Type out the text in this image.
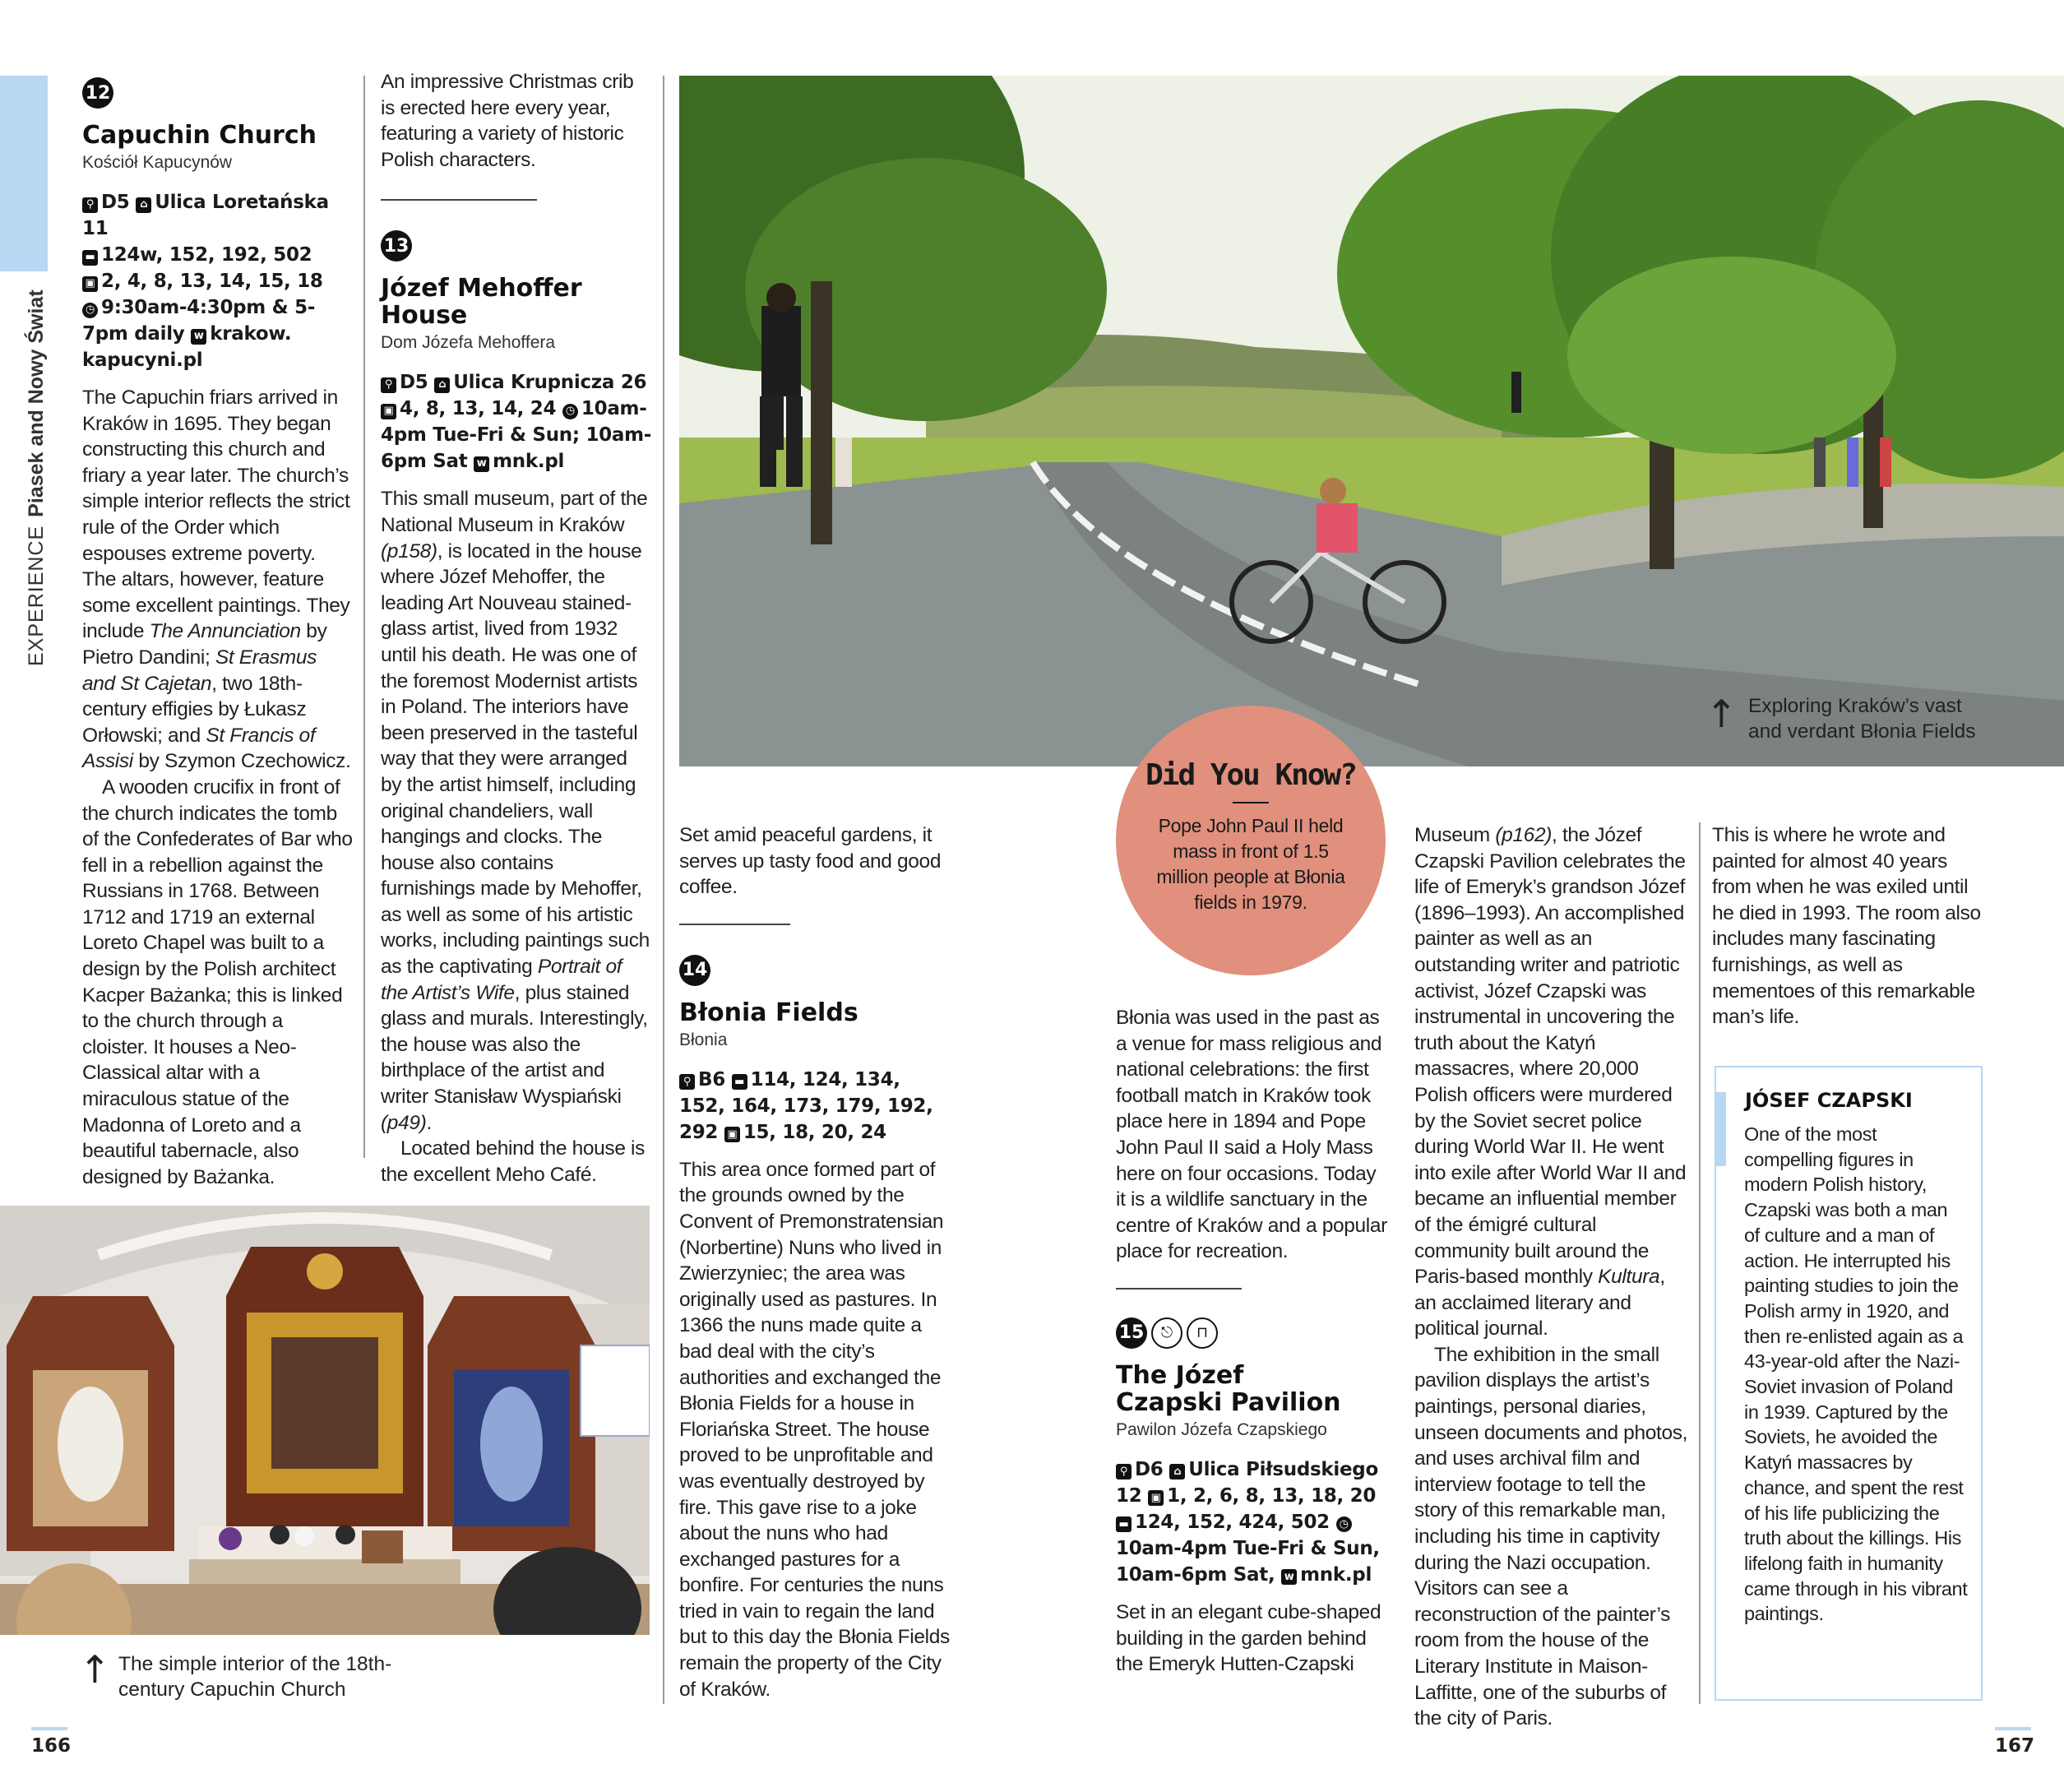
EXPERIENCEPiasek and Nowy Świat
12
Capuchin Church
Kościół Kapucynów
⚲ D5 ⌂ Ulica Loretańska 11
▬ 124w, 152, 192, 502
▣ 2, 4, 8, 13, 14, 15, 18
◷ 9:30am-4:30pm & 5-7pm daily w krakow. kapucyni.pl

The Capuchin friars arrived in Kraków in 1695. They began constructing this church and friary a year later. The church’s simple interior reflects the strict rule of the Order which espouses extreme poverty. The altars, however, feature some excellent paintings. They include The Annunciation by Pietro Dandini; St Erasmus and St Cajetan, two 18th-century effigies by Łukasz Orłowski; and St Francis of Assisi by Szymon Czechowicz.

A wooden crucifix in front of the church indicates the tomb of the Confederates of Bar who fell in a rebellion against the Russians in 1768. Between 1712 and 1719 an external Loreto Chapel was built to a design by the Polish architect Kacper Bażanka; this is linked to the church through a cloister. It houses a Neo-Classical altar with a miraculous statue of the Madonna of Loreto and a beautiful tabernacle, also designed by Bażanka.

An impressive Christmas crib is erected here every year, featuring a variety of historic Polish characters.
13
Józef Mehoffer House
Dom Józefa Mehoffera
⚲ D5 ⌂ Ulica Krupnicza 26
▣ 4, 8, 13, 14, 24 ◷ 10am-4pm Tue-Fri & Sun; 10am-6pm Sat w mnk.pl

This small museum, part of the National Museum in Kraków (p158), is located in the house where Józef Mehoffer, the leading Art Nouveau stained-glass artist, lived from 1932 until his death. He was one of the foremost Modernist artists in Poland. The interiors have been preserved in the tasteful way that they were arranged by the artist himself, including original chandeliers, wall hangings and clocks. The house also contains furnishings made by Mehoffer, as well as some of his artistic works, including paintings such as the captivating Portrait of the Artist’s Wife, plus stained glass and murals. Interestingly, the house was also the birthplace of the artist and writer Stanisław Wyspiański (p49).

Located behind the house is the excellent Meho Café.

↑ The simple interior of the 18th-century Capuchin Church
↑ Exploring Kraków’s vast and verdant Błonia Fields
Set amid peaceful gardens, it serves up tasty food and good coffee.
14
Błonia Fields
Błonia
⚲ B6 ▬ 114, 124, 134, 152, 164, 173, 179, 192, 292 ▣ 15, 18, 20, 24
This area once formed part of the grounds owned by the Convent of Premonstratensian (Norbertine) Nuns who lived in Zwierzyniec; the area was originally used as pastures. In 1366 the nuns made quite a bad deal with the city’s authorities and exchanged the Błonia Fields for a house in Floriańska Street. The house proved to be unprofitable and was eventually destroyed by fire. This gave rise to a joke about the nuns who had exchanged pastures for a bonfire. For centuries the nuns tried in vain to regain the land but to this day the Błonia Fields remain the property of the City of Kraków.
Did You Know?
Pope John Paul II held mass in front of 1.5 million people at Błonia fields in 1979.
Błonia was used in the past as a venue for mass religious and national celebrations: the first football match in Kraków took place here in 1894 and Pope John Paul II said a Holy Mass here on four occasions. Today it is a wildlife sanctuary in the centre of Kraków and a popular place for recreation.
15	⎋	⊓
The Józef
Czapski Pavilion
Pawilon Józefa Czapskiego
⚲ D6 ⌂ Ulica Piłsudskiego 12 ▣ 1, 2, 6, 8, 13, 18, 20 ▬ 124, 152, 424, 502 ◷10am-4pm Tue-Fri & Sun, 10am-6pm Sat, w mnk.pl
Set in an elegant cube-shaped building in the garden behind the Emeryk Hutten-Czapski

Museum (p162), the Józef Czapski Pavilion celebrates the life of Emeryk’s grandson Józef (1896–1993). An accomplished painter as well as an outstanding writer and patriotic activist, Józef Czapski was instrumental in uncovering the truth about the Katyń massacres, where 20,000 Polish officers were murdered by the Soviet secret police during World War II. He went into exile after World War II and became an influential member of the émigré cultural community built around the Paris-based monthly Kultura, an acclaimed literary and political journal.

The exhibition in the small pavilion displays the artist’s paintings, personal diaries, unseen documents and photos, and uses archival film and interview footage to tell the story of this remarkable man, including his time in captivity during the Nazi occupation. Visitors can see a reconstruction of the painter’s room from the house of the Literary Institute in Maison-Laffitte, one of the suburbs of the city of Paris.

This is where he wrote and painted for almost 40 years from when he was exiled until he died in 1993. The room also includes many fascinating furnishings, as well as mementoes of this remarkable man’s life.
JÓSEF CZAPSKI
One of the most compelling figures in modern Polish history, Czapski was both a man of culture and a man of action. He interrupted his painting studies to join the Polish army in 1920, and then re-enlisted again as a 43-year-old after the Nazi-Soviet invasion of Poland in 1939. Captured by the Soviets, he avoided the Katyń massacres by chance, and spent the rest of his life publicizing the truth about the killings. His lifelong faith in humanity came through in his vibrant paintings.
166	167
